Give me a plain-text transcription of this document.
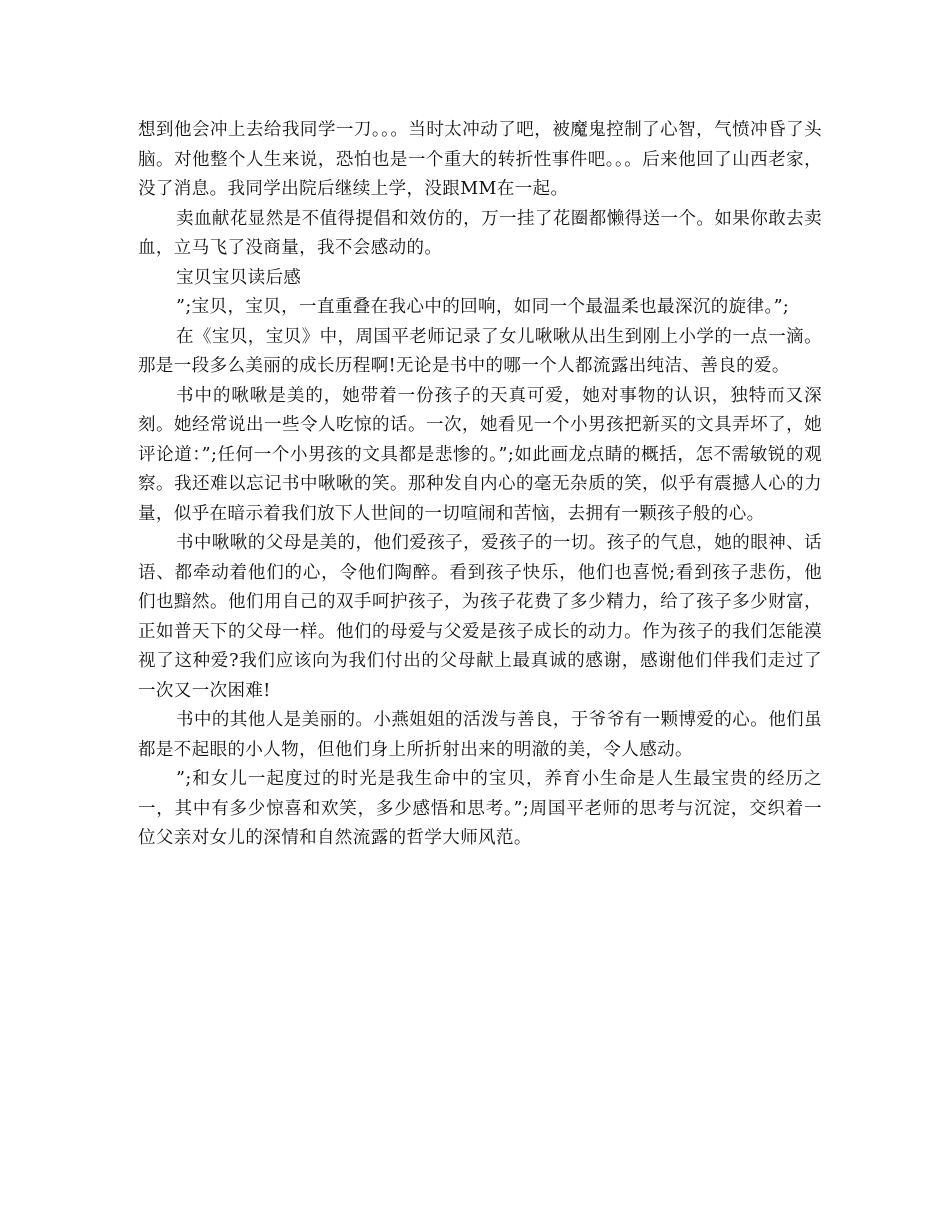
想到他会冲上去给我同学一刀。。。当时太冲动了吧，被魔鬼控制了心智，气愤冲昏了头脑。对他整个人生来说，恐怕也是一个重大的转折性事件吧。。。后来他回了山西老家，没了消息。我同学出院后继续上学，没跟MM在一起。

卖血献花显然是不值得提倡和效仿的，万一挂了花圈都懒得送一个。如果你敢去卖血，立马飞了没商量，我不会感动的。

宝贝宝贝读后感

”;宝贝，宝贝，一直重叠在我心中的回响，如同一个最温柔也最深沉的旋律。”;

在《宝贝，宝贝》中，周国平老师记录了女儿啾啾从出生到刚上小学的一点一滴。那是一段多么美丽的成长历程啊!无论是书中的哪一个人都流露出纯洁、善良的爱。

书中的啾啾是美的，她带着一份孩子的天真可爱，她对事物的认识，独特而又深刻。她经常说出一些令人吃惊的话。一次，她看见一个小男孩把新买的文具弄坏了，她评论道：”;任何一个小男孩的文具都是悲惨的。”;如此画龙点睛的概括，怎不需敏锐的观察。我还难以忘记书中啾啾的笑。那种发自内心的毫无杂质的笑，似乎有震撼人心的力量，似乎在暗示着我们放下人世间的一切喧闹和苦恼，去拥有一颗孩子般的心。

书中啾啾的父母是美的，他们爱孩子，爱孩子的一切。孩子的气息，她的眼神、话语、都牵动着他们的心，令他们陶醉。看到孩子快乐，他们也喜悦;看到孩子悲伤，他们也黯然。他们用自己的双手呵护孩子，为孩子花费了多少精力，给了孩子多少财富，正如普天下的父母一样。他们的母爱与父爱是孩子成长的动力。作为孩子的我们怎能漠视了这种爱?我们应该向为我们付出的父母献上最真诚的感谢，感谢他们伴我们走过了一次又一次困难!

书中的其他人是美丽的。小燕姐姐的活泼与善良，于爷爷有一颗博爱的心。他们虽都是不起眼的小人物，但他们身上所折射出来的明澈的美，令人感动。

”;和女儿一起度过的时光是我生命中的宝贝，养育小生命是人生最宝贵的经历之一，其中有多少惊喜和欢笑，多少感悟和思考。”;周国平老师的思考与沉淀，交织着一位父亲对女儿的深情和自然流露的哲学大师风范。
